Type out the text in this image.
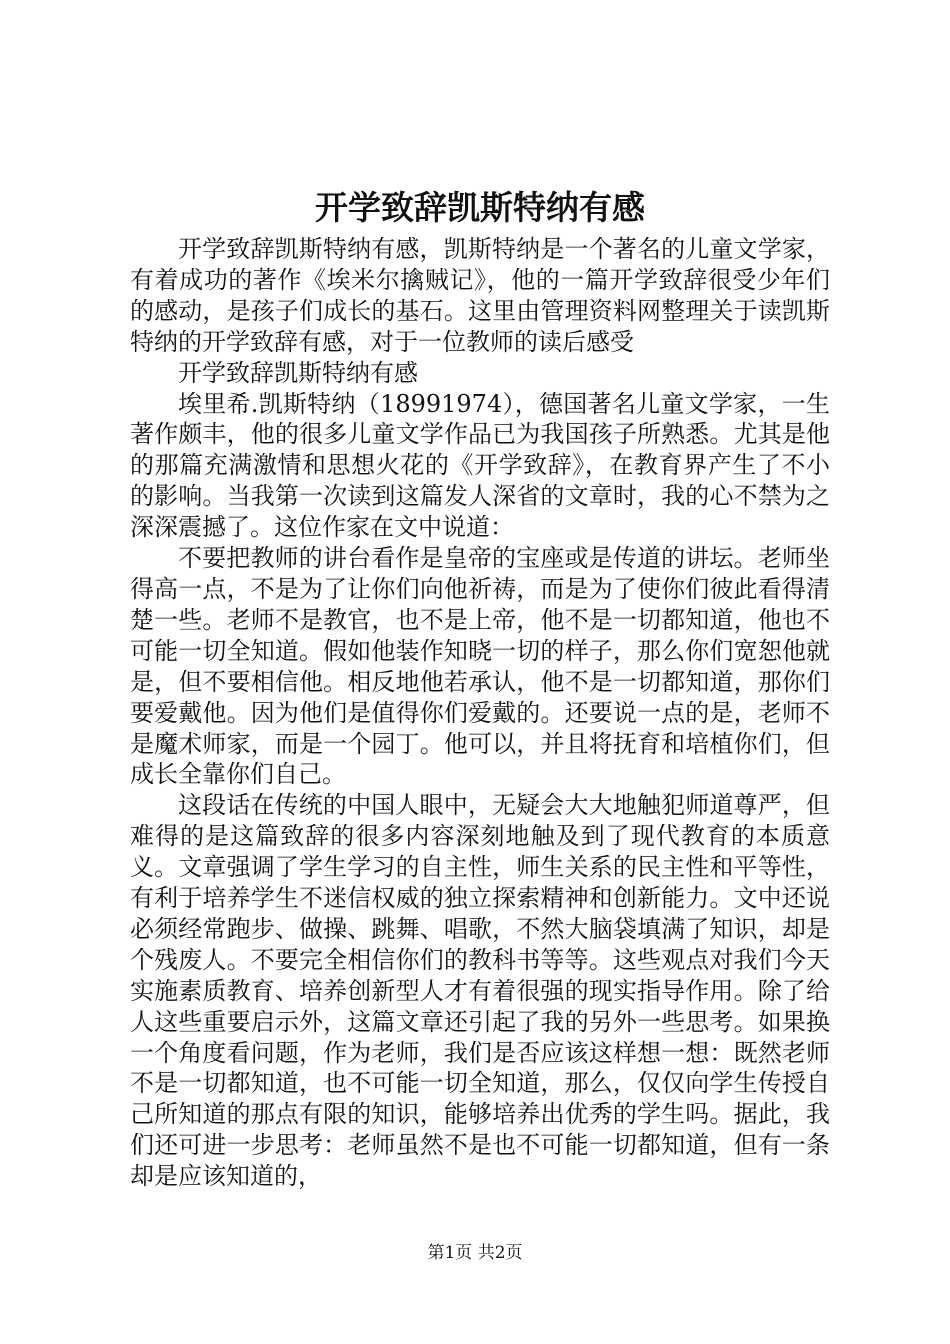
开学致辞凯斯特纳有感

开学致辞凯斯特纳有感，凯斯特纳是一个著名的儿童文学家，有着成功的著作《埃米尔擒贼记》，他的一篇开学致辞很受少年们的感动，是孩子们成长的基石。这里由管理资料网整理关于读凯斯特纳的开学致辞有感，对于一位教师的读后感受

开学致辞凯斯特纳有感

埃里希.凯斯特纳（18991974），德国著名儿童文学家，一生著作颇丰，他的很多儿童文学作品已为我国孩子所熟悉。尤其是他的那篇充满激情和思想火花的《开学致辞》，在教育界产生了不小的影响。当我第一次读到这篇发人深省的文章时，我的心不禁为之深深震撼了。这位作家在文中说道：

不要把教师的讲台看作是皇帝的宝座或是传道的讲坛。老师坐得高一点，不是为了让你们向他祈祷，而是为了使你们彼此看得清楚一些。老师不是教官，也不是上帝，他不是一切都知道，他也不可能一切全知道。假如他装作知晓一切的样子，那么你们宽恕他就是，但不要相信他。相反地他若承认，他不是一切都知道，那你们要爱戴他。因为他们是值得你们爱戴的。还要说一点的是，老师不是魔术师家，而是一个园丁。他可以，并且将抚育和培植你们，但成长全靠你们自己。

这段话在传统的中国人眼中，无疑会大大地触犯师道尊严，但难得的是这篇致辞的很多内容深刻地触及到了现代教育的本质意义。文章强调了学生学习的自主性，师生关系的民主性和平等性，有利于培养学生不迷信权威的独立探索精神和创新能力。文中还说必须经常跑步、做操、跳舞、唱歌，不然大脑袋填满了知识，却是个残废人。不要完全相信你们的教科书等等。这些观点对我们今天实施素质教育、培养创新型人才有着很强的现实指导作用。除了给人这些重要启示外，这篇文章还引起了我的另外一些思考。如果换一个角度看问题，作为老师，我们是否应该这样想一想：既然老师不是一切都知道，也不可能一切全知道，那么，仅仅向学生传授自己所知道的那点有限的知识，能够培养出优秀的学生吗。据此，我们还可进一步思考：老师虽然不是也不可能一切都知道，但有一条却是应该知道的，

第1页 共2页
